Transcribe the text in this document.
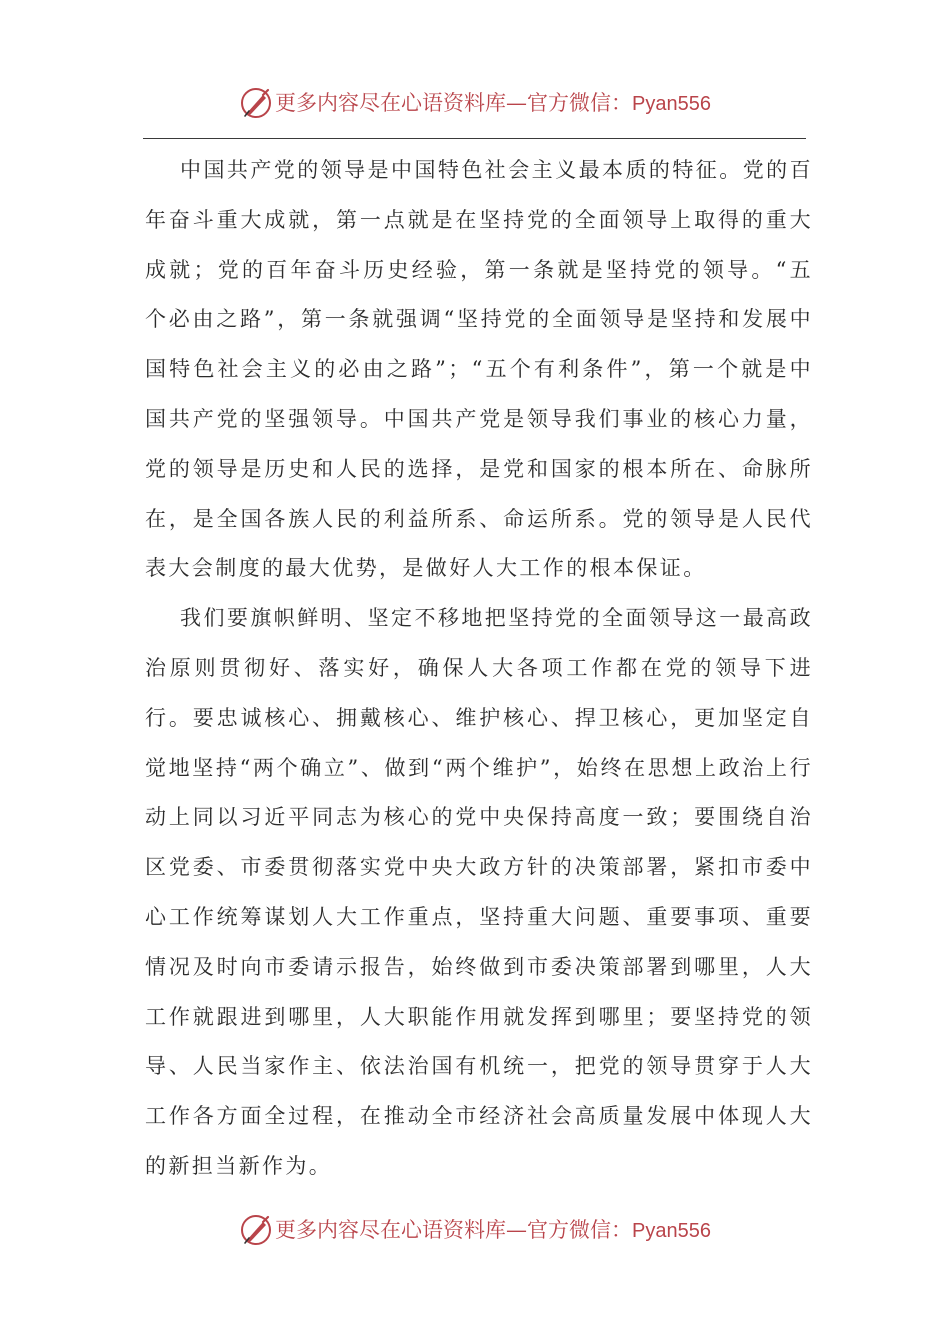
更多内容尽在心语资料库—官方微信：Pyan556

中国共产党的领导是中国特色社会主义最本质的特征。党的百年奋斗重大成就，第一点就是在坚持党的全面领导上取得的重大成就；党的百年奋斗历史经验，第一条就是坚持党的领导。“五个必由之路”，第一条就强调“坚持党的全面领导是坚持和发展中国特色社会主义的必由之路”；“五个有利条件”，第一个就是中国共产党的坚强领导。中国共产党是领导我们事业的核心力量，党的领导是历史和人民的选择，是党和国家的根本所在、命脉所在，是全国各族人民的利益所系、命运所系。党的领导是人民代表大会制度的最大优势，是做好人大工作的根本保证。

我们要旗帜鲜明、坚定不移地把坚持党的全面领导这一最高政治原则贯彻好、落实好，确保人大各项工作都在党的领导下进行。要忠诚核心、拥戴核心、维护核心、捍卫核心，更加坚定自觉地坚持“两个确立”、做到“两个维护”，始终在思想上政治上行动上同以习近平同志为核心的党中央保持高度一致；要围绕自治区党委、市委贯彻落实党中央大政方针的决策部署，紧扣市委中心工作统筹谋划人大工作重点，坚持重大问题、重要事项、重要情况及时向市委请示报告，始终做到市委决策部署到哪里，人大工作就跟进到哪里，人大职能作用就发挥到哪里；要坚持党的领导、人民当家作主、依法治国有机统一，把党的领导贯穿于人大工作各方面全过程，在推动全市经济社会高质量发展中体现人大的新担当新作为。

更多内容尽在心语资料库—官方微信：Pyan556
